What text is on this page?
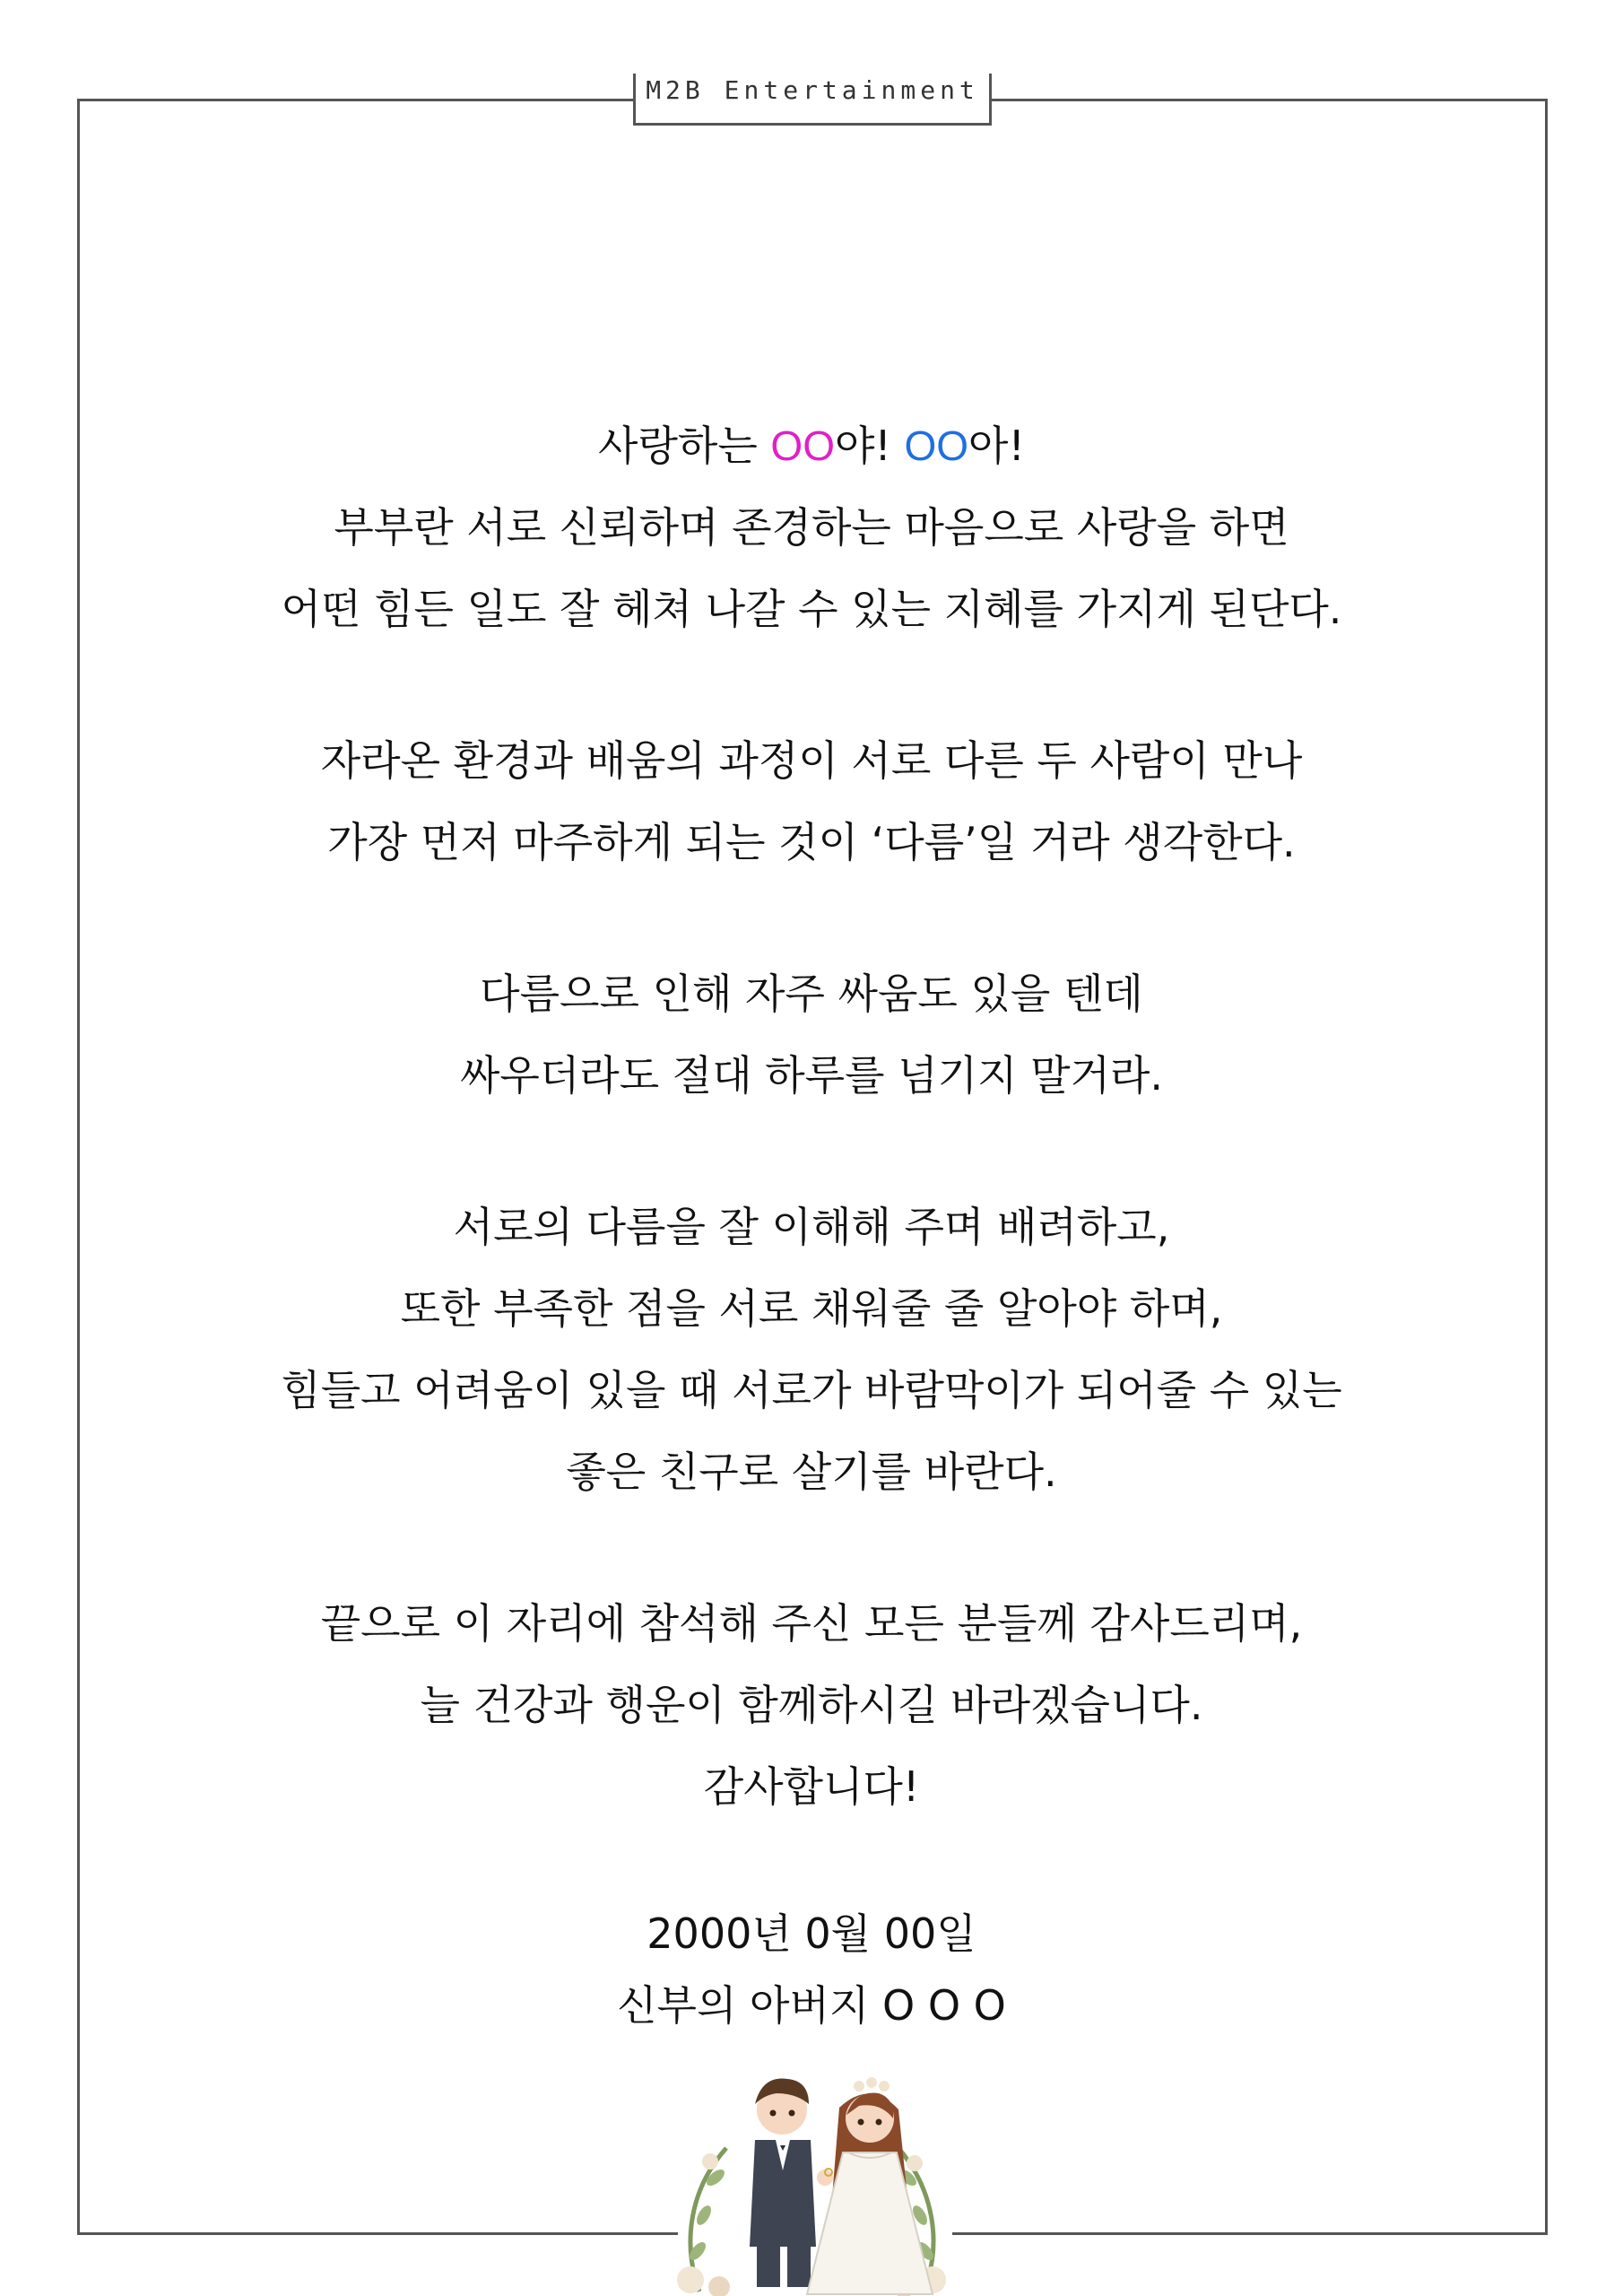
M2B Entertainment
사랑하는 OO야! OO아!
부부란 서로 신뢰하며 존경하는 마음으로 사랑을 하면
어떤 힘든 일도 잘 헤쳐 나갈 수 있는 지혜를 가지게 된단다.
자라온 환경과 배움의 과정이 서로 다른 두 사람이 만나
가장 먼저 마주하게 되는 것이 ‘다름’일 거라 생각한다.
다름으로 인해 자주 싸움도 있을 텐데
싸우더라도 절대 하루를 넘기지 말거라.
서로의 다름을 잘 이해해 주며 배려하고,
또한 부족한 점을 서로 채워줄 줄 알아야 하며,
힘들고 어려움이 있을 때 서로가 바람막이가 되어줄 수 있는
좋은 친구로 살기를 바란다.
끝으로 이 자리에 참석해 주신 모든 분들께 감사드리며,
늘 건강과 행운이 함께하시길 바라겠습니다.
감사합니다!
2000년 0월 00일
신부의 아버지 O O O
